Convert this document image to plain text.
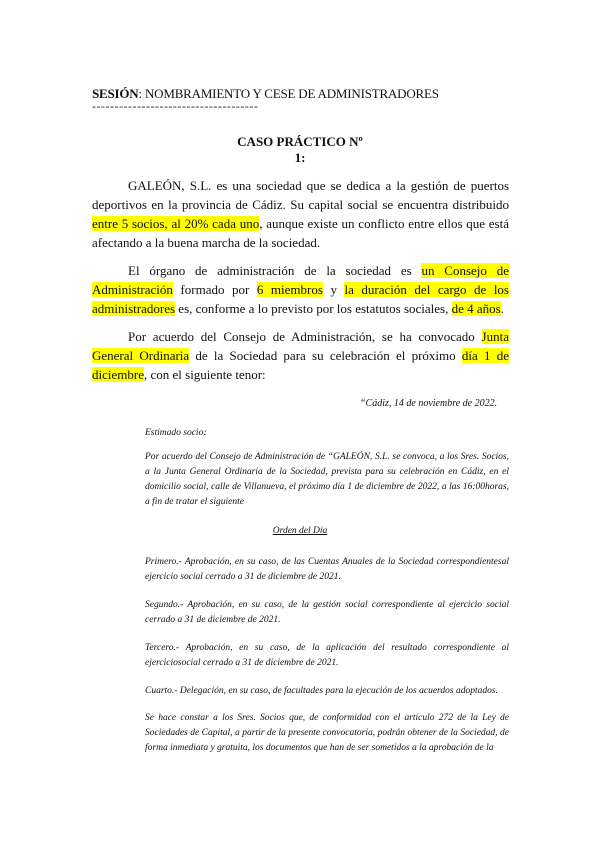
SESIÓN: NOMBRAMIENTO Y CESE DE ADMINISTRADORES
-------------------------------------
CASO PRÁCTICO Nº
1:
GALEÓN, S.L. es una sociedad que se dedica a la gestión de puertos deportivos en la provincia de Cádiz. Su capital social se encuentra distribuido entre 5 socios, al 20% cada uno, aunque existe un conflicto entre ellos que está afectando a la buena marcha de la sociedad.
El órgano de administración de la sociedad es un Consejo de Administración formado por 6 miembros y la duración del cargo de los administradores es, conforme a lo previsto por los estatutos sociales, de 4 años.
Por acuerdo del Consejo de Administración, se ha convocado Junta General Ordinaria de la Sociedad para su celebración el próximo día 1 de diciembre, con el siguiente tenor:
“Cádiz, 14 de noviembre de 2022.
Estimado socio:
Por acuerdo del Consejo de Administración de “GALEÓN, S.L. se convoca, a los Sres. Socios, a la Junta General Ordinaria de la Sociedad, prevista para su celebración en Cádiz, en el domicilio social, calle de Villanueva, el próximo día 1 de diciembre de 2022, a las 16:00horas, a fin de tratar el siguiente
Orden del Día
Primero.- Aprobación, en su caso, de las Cuentas Anuales de la Sociedad correspondientesal ejercicio social cerrado a 31 de diciembre de 2021.
Segundo.- Aprobación, en su caso, de la gestión social correspondiente al ejercicio social cerrado a 31 de diciembre de 2021.
Tercero.- Aprobación, en su caso, de la aplicación del resultado correspondiente al ejerciciosocial cerrado a 31 de diciembre de 2021.
Cuarto.- Delegación, en su caso, de facultades para la ejecución de los acuerdos adoptados.
Se hace constar a los Sres. Socios que, de conformidad con el artículo 272 de la Ley de Sociedades de Capital, a partir de la presente convocatoria, podrán obtener de la Sociedad, de forma inmediata y gratuita, los documentos que han de ser sometidos a la aprobación de la
